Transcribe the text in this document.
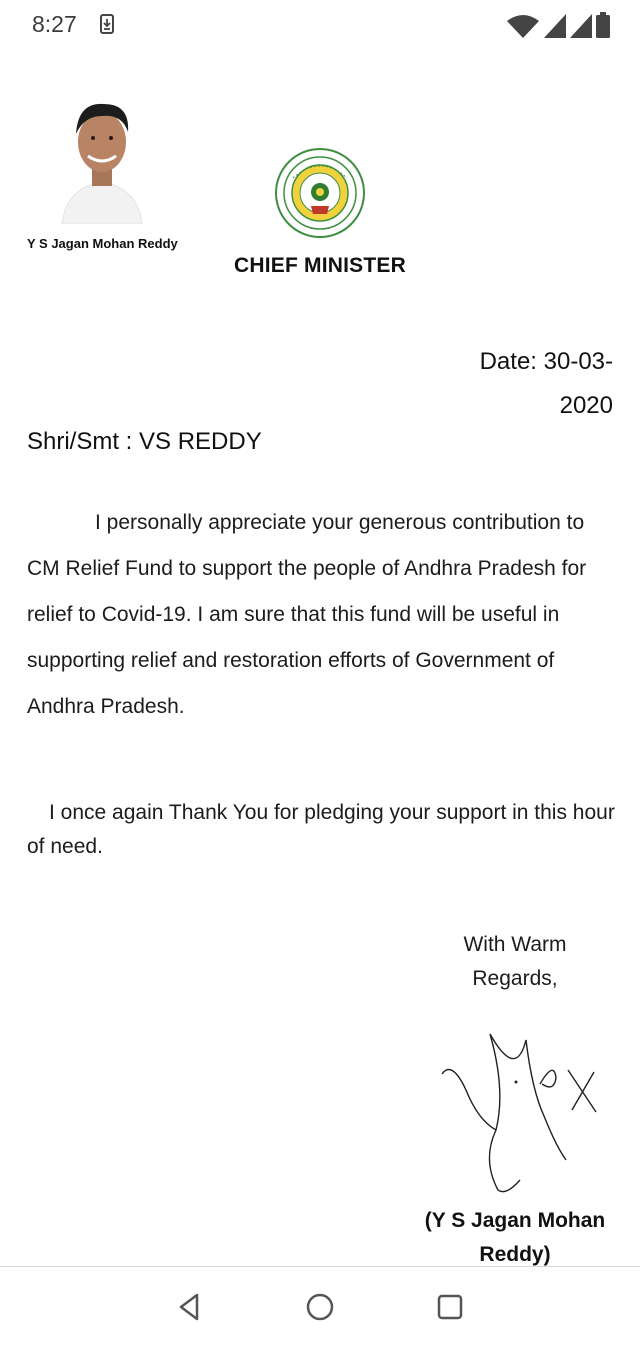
8:27
Y S Jagan Mohan Reddy
CHIEF MINISTER
Date: 30-03-
2020
Shri/Smt : VS REDDY

I personally appreciate your generous contribution to CM Relief Fund to support the people of Andhra Pradesh for relief to Covid-19. I am sure that this fund will be useful in supporting relief and restoration efforts of Government of Andhra Pradesh.

I once again Thank You for pledging your support in this hour of need.

With Warm
Regards,
(Y S Jagan Mohan
Reddy)
